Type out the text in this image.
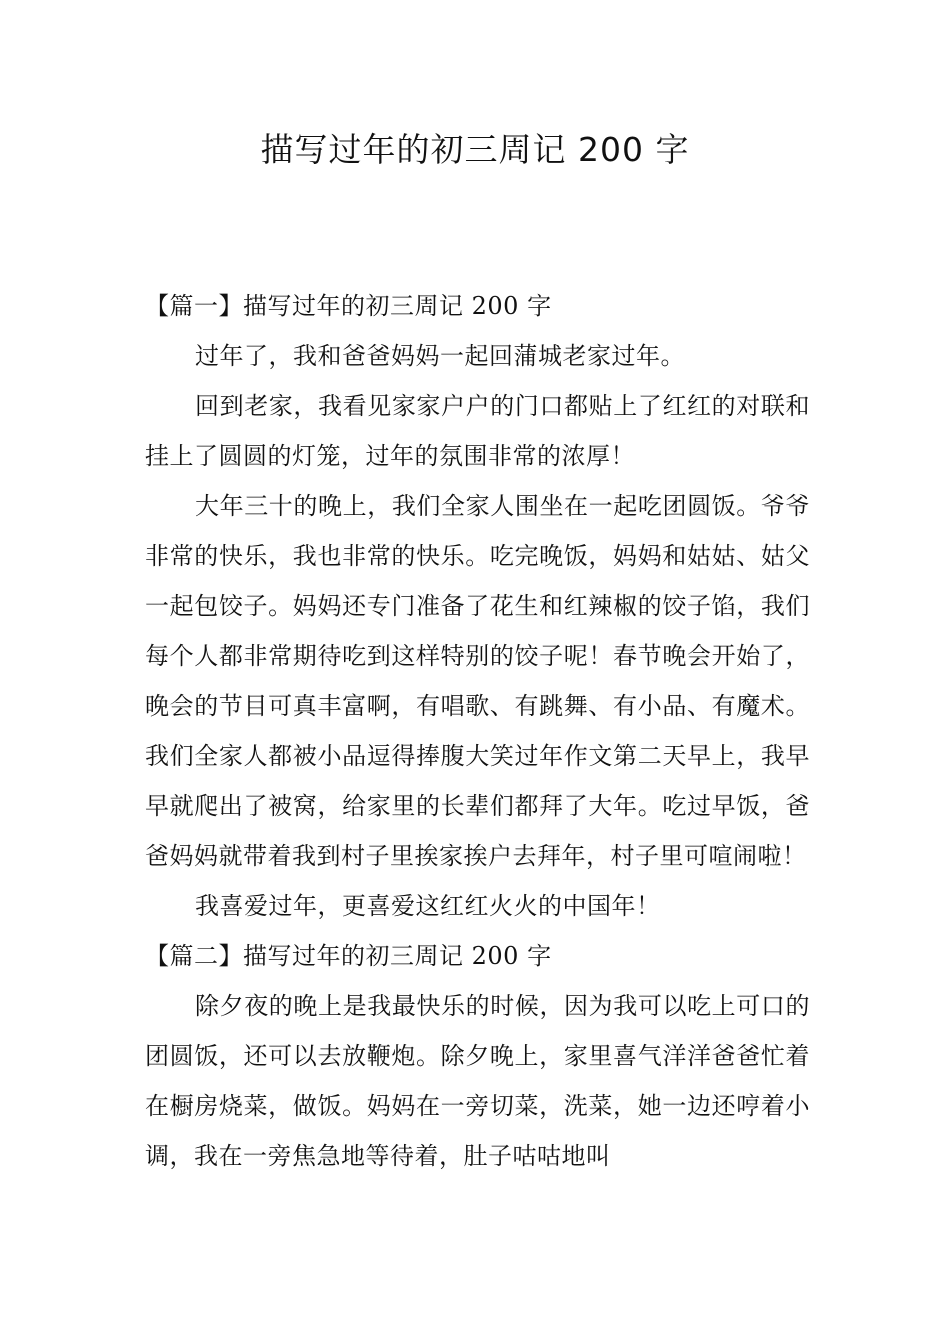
描写过年的初三周记 200 字

【篇一】描写过年的初三周记 200 字

过年了，我和爸爸妈妈一起回蒲城老家过年。

回到老家，我看见家家户户的门口都贴上了红红的对联和挂上了圆圆的灯笼，过年的氛围非常的浓厚！

大年三十的晚上，我们全家人围坐在一起吃团圆饭。爷爷非常的快乐，我也非常的快乐。吃完晚饭，妈妈和姑姑、姑父一起包饺子。妈妈还专门准备了花生和红辣椒的饺子馅，我们每个人都非常期待吃到这样特别的饺子呢！春节晚会开始了，晚会的节目可真丰富啊，有唱歌、有跳舞、有小品、有魔术。我们全家人都被小品逗得捧腹大笑过年作文第二天早上，我早早就爬出了被窝，给家里的长辈们都拜了大年。吃过早饭，爸爸妈妈就带着我到村子里挨家挨户去拜年，村子里可喧闹啦！

我喜爱过年，更喜爱这红红火火的中国年！

【篇二】描写过年的初三周记 200 字

除夕夜的晚上是我最快乐的时候，因为我可以吃上可口的团圆饭，还可以去放鞭炮。除夕晚上，家里喜气洋洋爸爸忙着在橱房烧菜，做饭。妈妈在一旁切菜，洗菜，她一边还哼着小调，我在一旁焦急地等待着，肚子咕咕地叫
